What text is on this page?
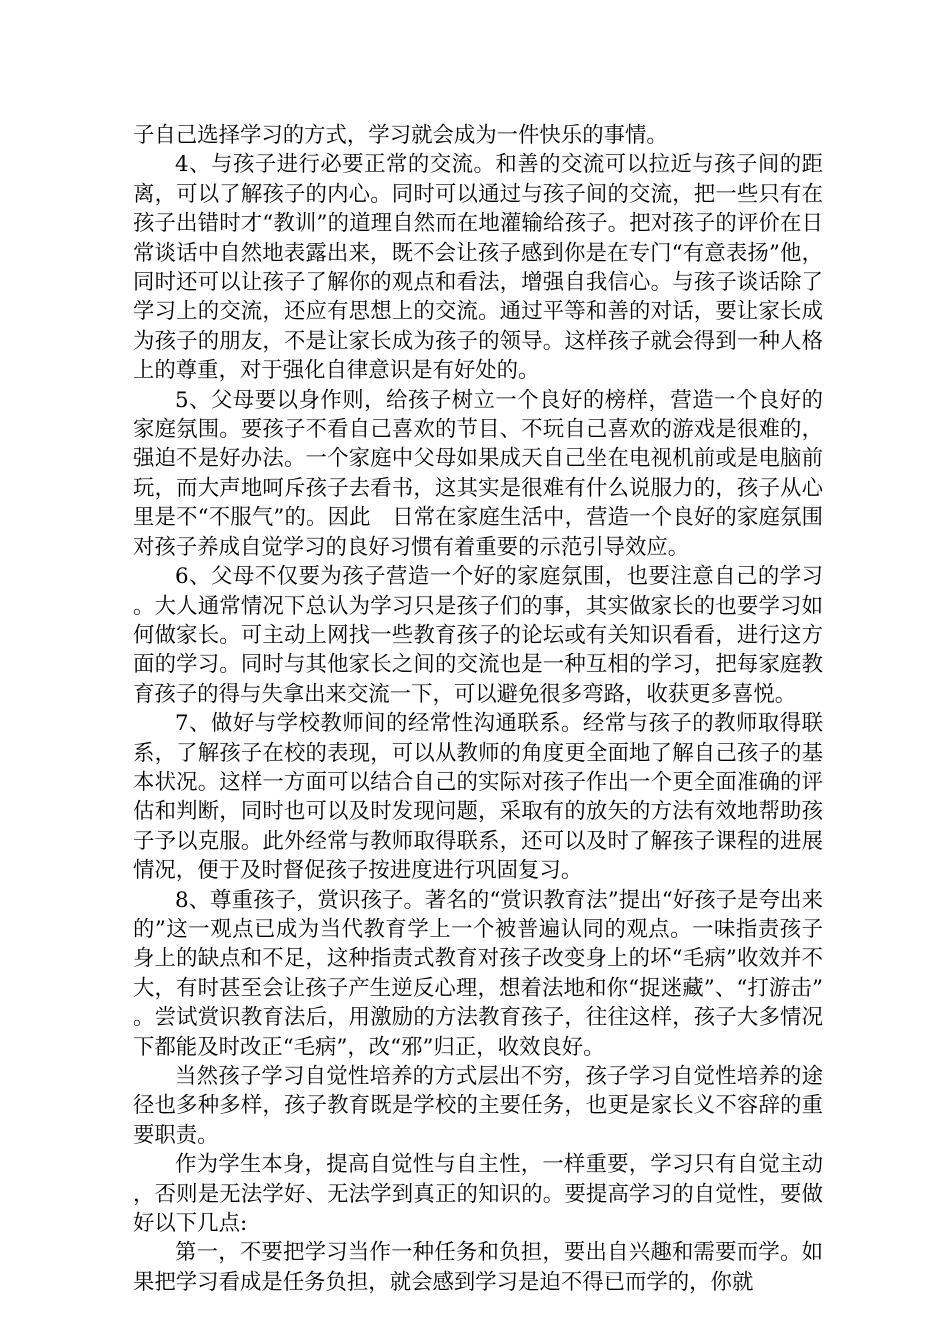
子自己选择学习的方式，学习就会成为一件快乐的事情。

4、与孩子进行必要正常的交流。和善的交流可以拉近与孩子间的距离，可以了解孩子的内心。同时可以通过与孩子间的交流，把一些只有在孩子出错时才“教训”的道理自然而在地灌输给孩子。把对孩子的评价在日常谈话中自然地表露出来，既不会让孩子感到你是在专门“有意表扬”他，同时还可以让孩子了解你的观点和看法，增强自我信心。与孩子谈话除了学习上的交流，还应有思想上的交流。通过平等和善的对话，要让家长成为孩子的朋友，不是让家长成为孩子的领导。这样孩子就会得到一种人格上的尊重，对于强化自律意识是有好处的。

5、父母要以身作则，给孩子树立一个良好的榜样，营造一个良好的家庭氛围。要孩子不看自己喜欢的节目、不玩自己喜欢的游戏是很难的，强迫不是好办法。一个家庭中父母如果成天自己坐在电视机前或是电脑前玩，而大声地呵斥孩子去看书，这其实是很难有什么说服力的，孩子从心里是不“不服气”的。因此　日常在家庭生活中，营造一个良好的家庭氛围对孩子养成自觉学习的良好习惯有着重要的示范引导效应。

6、父母不仅要为孩子营造一个好的家庭氛围，也要注意自己的学习。大人通常情况下总认为学习只是孩子们的事，其实做家长的也要学习如何做家长。可主动上网找一些教育孩子的论坛或有关知识看看，进行这方面的学习。同时与其他家长之间的交流也是一种互相的学习，把每家庭教育孩子的得与失拿出来交流一下，可以避免很多弯路，收获更多喜悦。

7、做好与学校教师间的经常性沟通联系。经常与孩子的教师取得联系，了解孩子在校的表现，可以从教师的角度更全面地了解自己孩子的基本状况。这样一方面可以结合自己的实际对孩子作出一个更全面准确的评估和判断，同时也可以及时发现问题，采取有的放矢的方法有效地帮助孩子予以克服。此外经常与教师取得联系，还可以及时了解孩子课程的进展情况，便于及时督促孩子按进度进行巩固复习。

8、尊重孩子，赏识孩子。著名的“赏识教育法”提出“好孩子是夸出来的”这一观点已成为当代教育学上一个被普遍认同的观点。一味指责孩子身上的缺点和不足，这种指责式教育对孩子改变身上的坏“毛病”收效并不大，有时甚至会让孩子产生逆反心理，想着法地和你“捉迷藏”、“打游击”。尝试赏识教育法后，用激励的方法教育孩子，往往这样，孩子大多情况下都能及时改正“毛病”，改“邪”归正，收效良好。

当然孩子学习自觉性培养的方式层出不穷，孩子学习自觉性培养的途径也多种多样，孩子教育既是学校的主要任务，也更是家长义不容辞的重要职责。

作为学生本身，提高自觉性与自主性，一样重要，学习只有自觉主动，否则是无法学好、无法学到真正的知识的。要提高学习的自觉性，要做好以下几点:

第一，不要把学习当作一种任务和负担，要出自兴趣和需要而学。如果把学习看成是任务负担，就会感到学习是迫不得已而学的，你就
